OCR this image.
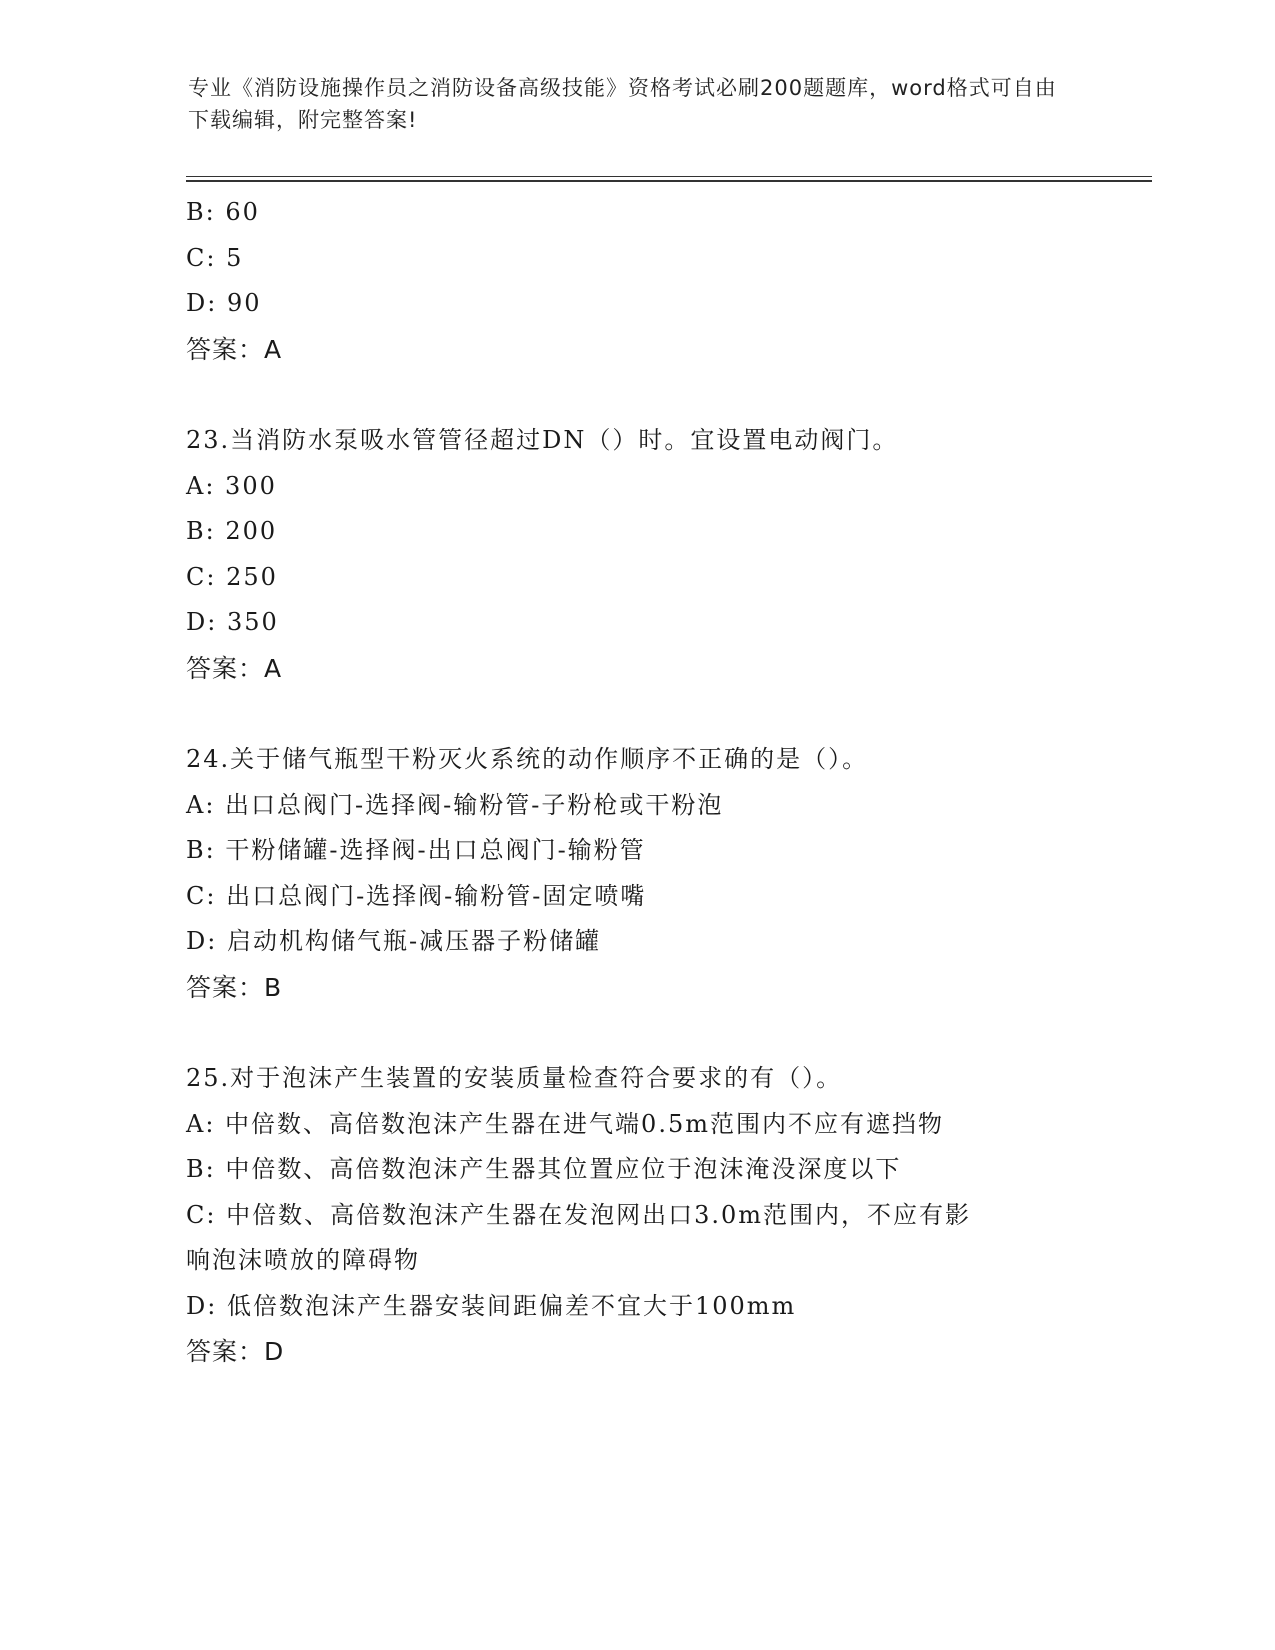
专业《消防设施操作员之消防设备高级技能》资格考试必刷200题题库，word格式可自由下载编辑，附完整答案!
B: 60
C: 5
D: 90
答案：A
23.当消防水泵吸水管管径超过DN（）时。宜设置电动阀门。
A: 300
B: 200
C: 250
D: 350
答案：A
24.关于储气瓶型干粉灭火系统的动作顺序不正确的是（）。
A: 出口总阀门-选择阀-输粉管-子粉枪或干粉泡
B: 干粉储罐-选择阀-出口总阀门-输粉管
C: 出口总阀门-选择阀-输粉管-固定喷嘴
D: 启动机构储气瓶-减压器子粉储罐
答案：B
25.对于泡沫产生装置的安装质量检查符合要求的有（）。
A: 中倍数、高倍数泡沫产生器在进气端0.5m范围内不应有遮挡物
B: 中倍数、高倍数泡沫产生器其位置应位于泡沫淹没深度以下
C: 中倍数、高倍数泡沫产生器在发泡网出口3.0m范围内，不应有影
响泡沫喷放的障碍物
D: 低倍数泡沫产生器安装间距偏差不宜大于100mm
答案：D
